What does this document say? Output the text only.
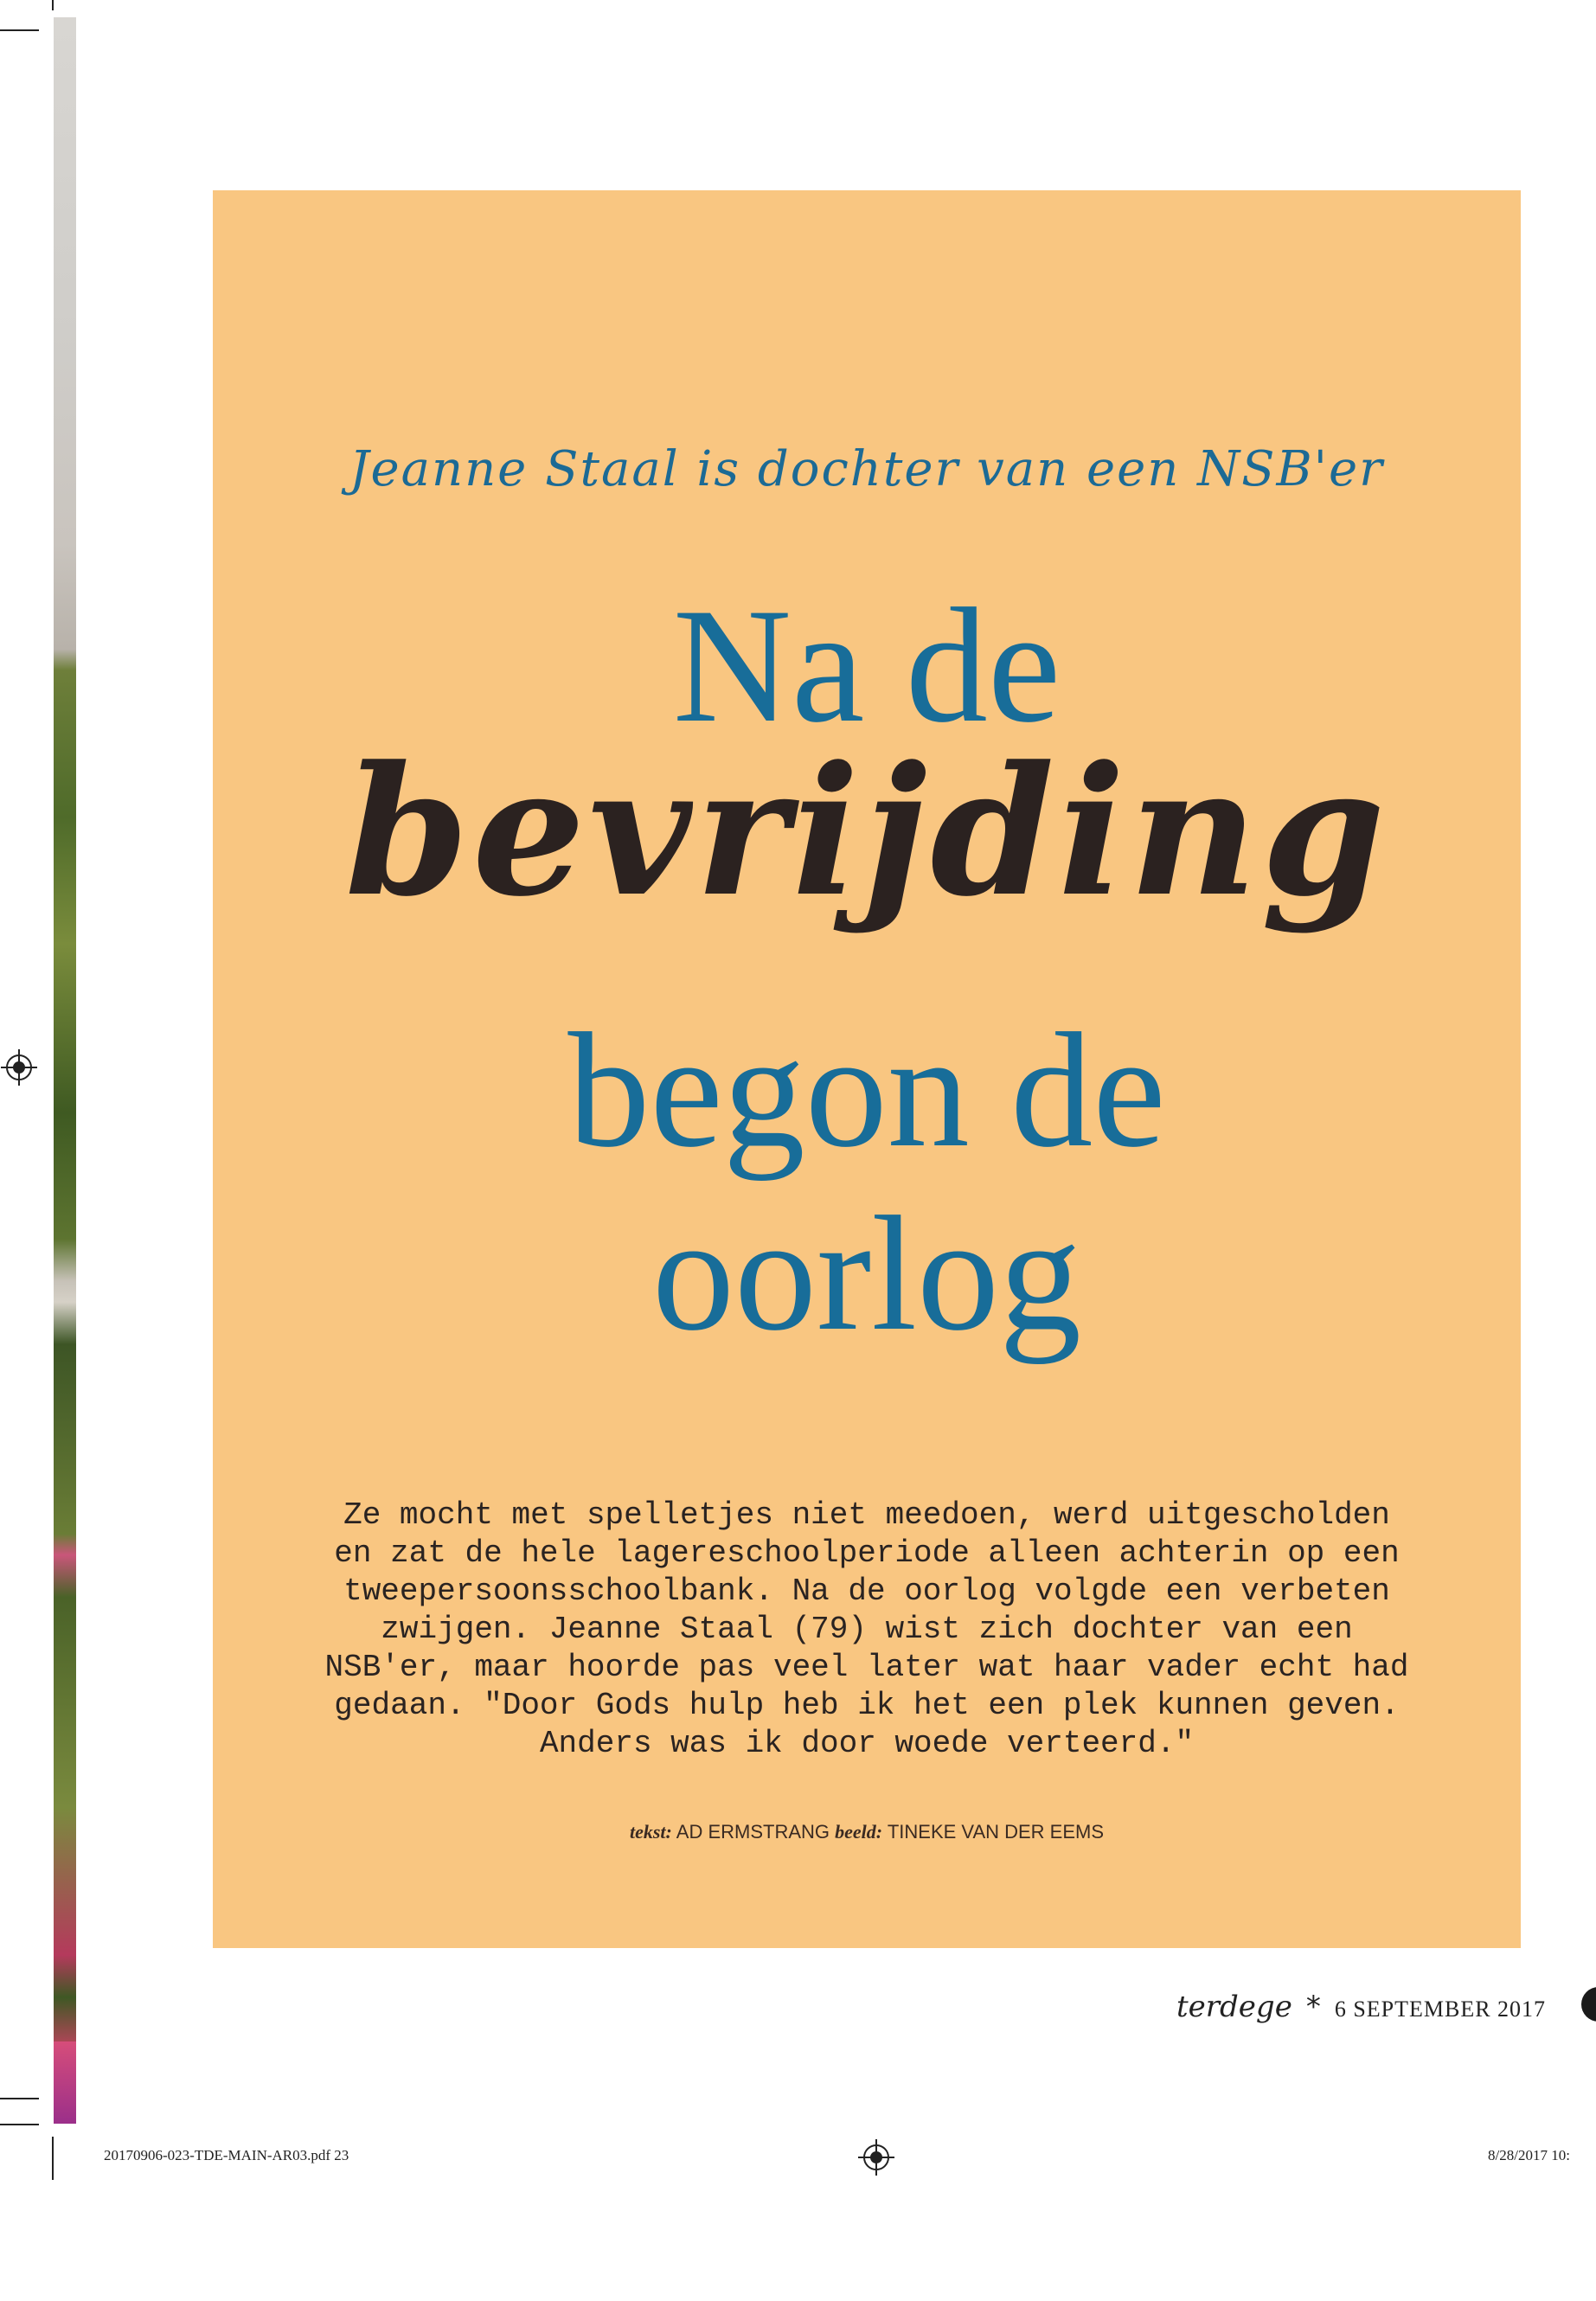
Jeanne Staal is dochter van een NSB'er
Na de
bevrijding
begon de
oorlog
Ze mocht met spelletjes niet meedoen, werd uitgescholden en zat de hele lagereschoolperiode alleen achterin op een tweepersoonsschoolbank. Na de oorlog volgde een verbeten zwijgen. Jeanne Staal (79) wist zich dochter van een NSB'er, maar hoorde pas veel later wat haar vader echt had gedaan. "Door Gods hulp heb ik het een plek kunnen geven. Anders was ik door woede verteerd."
tekst: AD ERMSTRANG beeld: TINEKE VAN DER EEMS
terdege * 6 SEPTEMBER 2017
20170906-023-TDE-MAIN-AR03.pdf 23	8/28/2017 10:
